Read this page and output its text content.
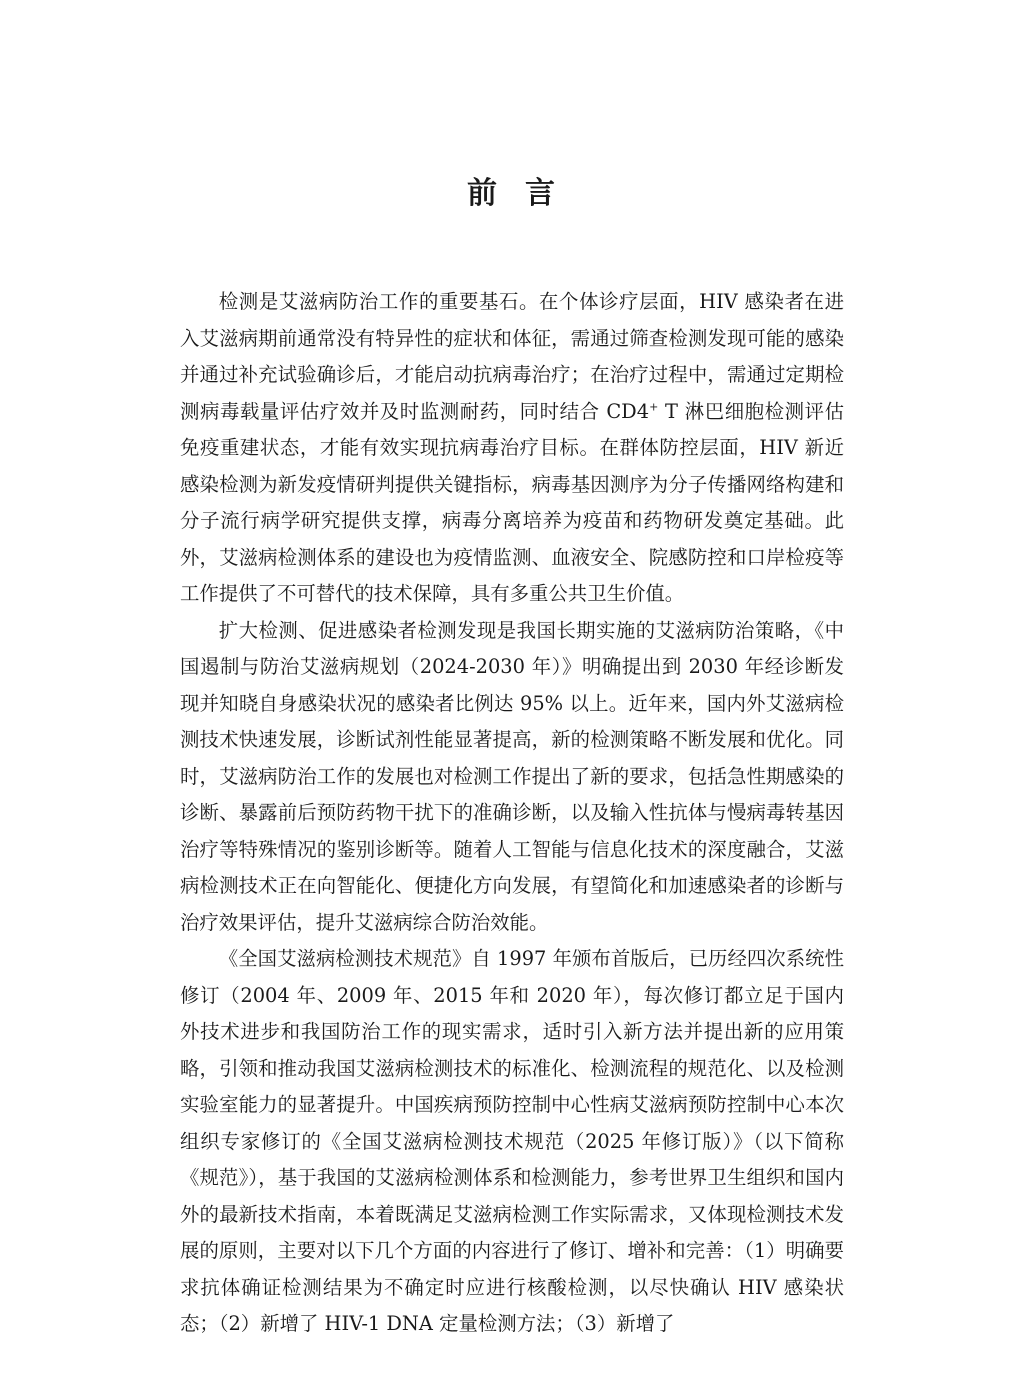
前言

检测是艾滋病防治工作的重要基石。在个体诊疗层面，HIV 感染者在进入艾滋病期前通常没有特异性的症状和体征，需通过筛查检测发现可能的感染并通过补充试验确诊后，才能启动抗病毒治疗；在治疗过程中，需通过定期检测病毒载量评估疗效并及时监测耐药，同时结合 CD4+ T 淋巴细胞检测评估免疫重建状态，才能有效实现抗病毒治疗目标。在群体防控层面，HIV 新近感染检测为新发疫情研判提供关键指标，病毒基因测序为分子传播网络构建和分子流行病学研究提供支撑，病毒分离培养为疫苗和药物研发奠定基础。此外，艾滋病检测体系的建设也为疫情监测、血液安全、院感防控和口岸检疫等工作提供了不可替代的技术保障，具有多重公共卫生价值。

扩大检测、促进感染者检测发现是我国长期实施的艾滋病防治策略，《中国遏制与防治艾滋病规划（2024-2030 年）》明确提出到 2030 年经诊断发现并知晓自身感染状况的感染者比例达 95% 以上。近年来，国内外艾滋病检测技术快速发展，诊断试剂性能显著提高，新的检测策略不断发展和优化。同时，艾滋病防治工作的发展也对检测工作提出了新的要求，包括急性期感染的诊断、暴露前后预防药物干扰下的准确诊断，以及输入性抗体与慢病毒转基因治疗等特殊情况的鉴别诊断等。随着人工智能与信息化技术的深度融合，艾滋病检测技术正在向智能化、便捷化方向发展，有望简化和加速感染者的诊断与治疗效果评估，提升艾滋病综合防治效能。

《全国艾滋病检测技术规范》自 1997 年颁布首版后，已历经四次系统性修订（2004 年、2009 年、2015 年和 2020 年），每次修订都立足于国内外技术进步和我国防治工作的现实需求，适时引入新方法并提出新的应用策略，引领和推动我国艾滋病检测技术的标准化、检测流程的规范化、以及检测实验室能力的显著提升。中国疾病预防控制中心性病艾滋病预防控制中心本次组织专家修订的《全国艾滋病检测技术规范（2025 年修订版）》（以下简称《规范》），基于我国的艾滋病检测体系和检测能力，参考世界卫生组织和国内外的最新技术指南，本着既满足艾滋病检测工作实际需求，又体现检测技术发展的原则，主要对以下几个方面的内容进行了修订、增补和完善：（1）明确要求抗体确证检测结果为不确定时应进行核酸检测，以尽快确认 HIV 感染状态；（2）新增了 HIV-1 DNA 定量检测方法；（3）新增了
